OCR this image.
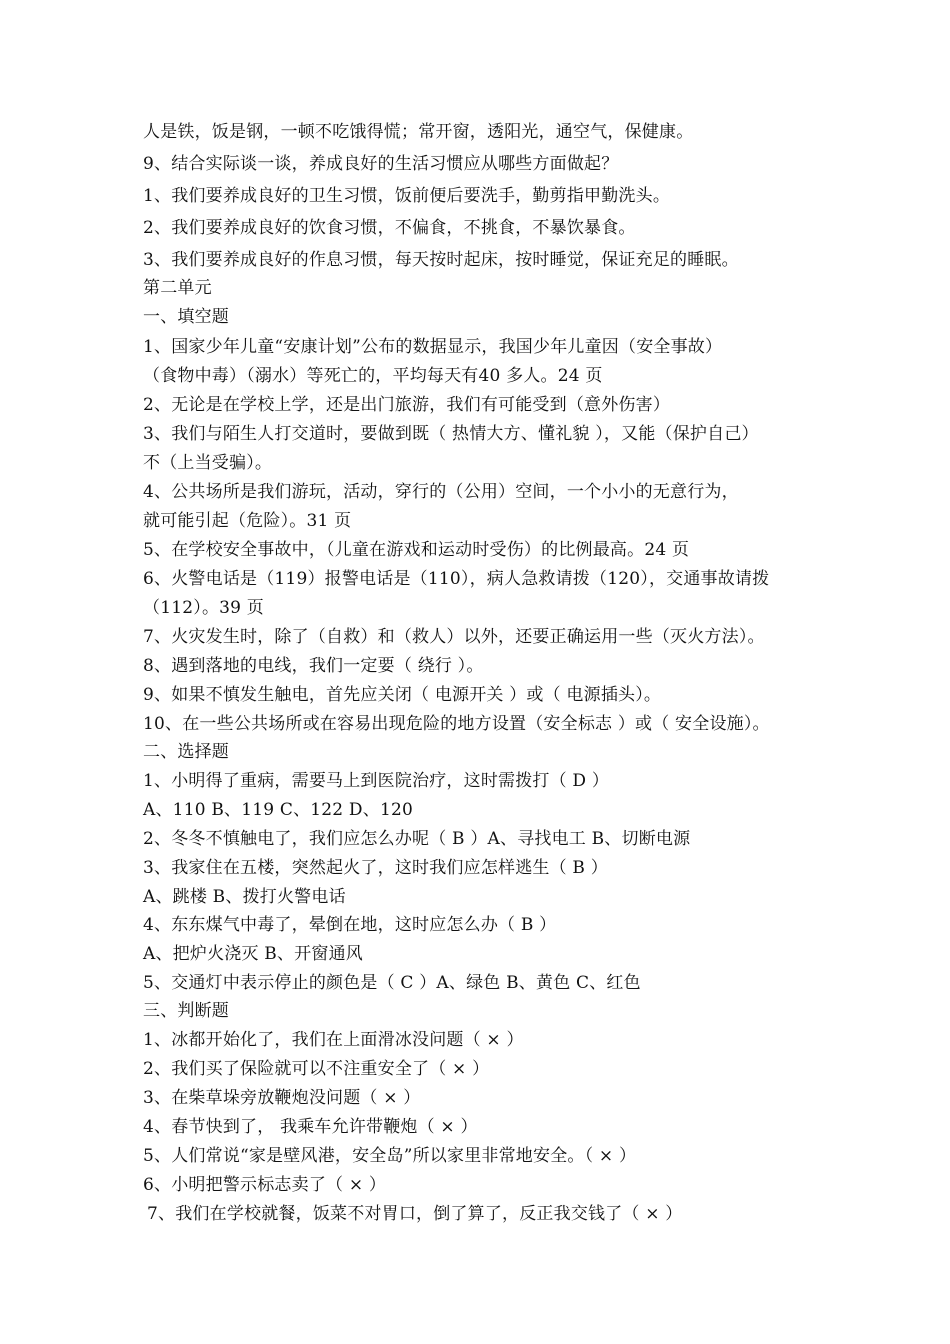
人是铁，饭是钢，一顿不吃饿得慌；常开窗，透阳光，通空气，保健康。
9、结合实际谈一谈，养成良好的生活习惯应从哪些方面做起？
1、我们要养成良好的卫生习惯，饭前便后要洗手，勤剪指甲勤洗头。
2、我们要养成良好的饮食习惯，不偏食，不挑食，不暴饮暴食。
3、我们要养成良好的作息习惯，每天按时起床，按时睡觉，保证充足的睡眠。
第二单元
一、填空题
1、国家少年儿童“安康计划”公布的数据显示，我国少年儿童因（安全事故）
（食物中毒）（溺水）等死亡的，平均每天有40 多人。24 页
2、无论是在学校上学，还是出门旅游，我们有可能受到（意外伤害）
3、我们与陌生人打交道时，要做到既（ 热情大方、懂礼貌 ），又能（保护自己）
不（上当受骗）。
4、公共场所是我们游玩，活动，穿行的（公用）空间，一个小小的无意行为，
就可能引起（危险）。31 页
5、在学校安全事故中，（儿童在游戏和运动时受伤）的比例最高。24 页
6、火警电话是（119）报警电话是（110），病人急救请拨（120），交通事故请拨
（112）。39 页
7、火灾发生时，除了（自救）和（救人）以外，还要正确运用一些（灭火方法）。
8、遇到落地的电线，我们一定要（ 绕行 ）。
9、如果不慎发生触电，首先应关闭（ 电源开关 ）或（ 电源插头）。
10、在一些公共场所或在容易出现危险的地方设置（安全标志 ）或（ 安全设施）。
二、选择题
1、小明得了重病，需要马上到医院治疗，这时需拨打（ D ）
A、110 B、119 C、122 D、120
2、冬冬不慎触电了，我们应怎么办呢（ B ）A、寻找电工 B、切断电源
3、我家住在五楼，突然起火了，这时我们应怎样逃生（ B ）
A、跳楼 B、拨打火警电话
4、东东煤气中毒了，晕倒在地，这时应怎么办（ B ）
A、把炉火浇灭 B、开窗通风
5、交通灯中表示停止的颜色是（ C ）A、绿色 B、黄色 C、红色
三、判断题
1、冰都开始化了，我们在上面滑冰没问题（ × ）
2、我们买了保险就可以不注重安全了（ × ）
3、在柴草垛旁放鞭炮没问题（ × ）
4、春节快到了， 我乘车允许带鞭炮（ × ）
5、人们常说“家是壁风港，安全岛”所以家里非常地安全。（ × ）
6、小明把警示标志卖了（ × ）
7、我们在学校就餐，饭菜不对胃口，倒了算了，反正我交钱了（ × ）
